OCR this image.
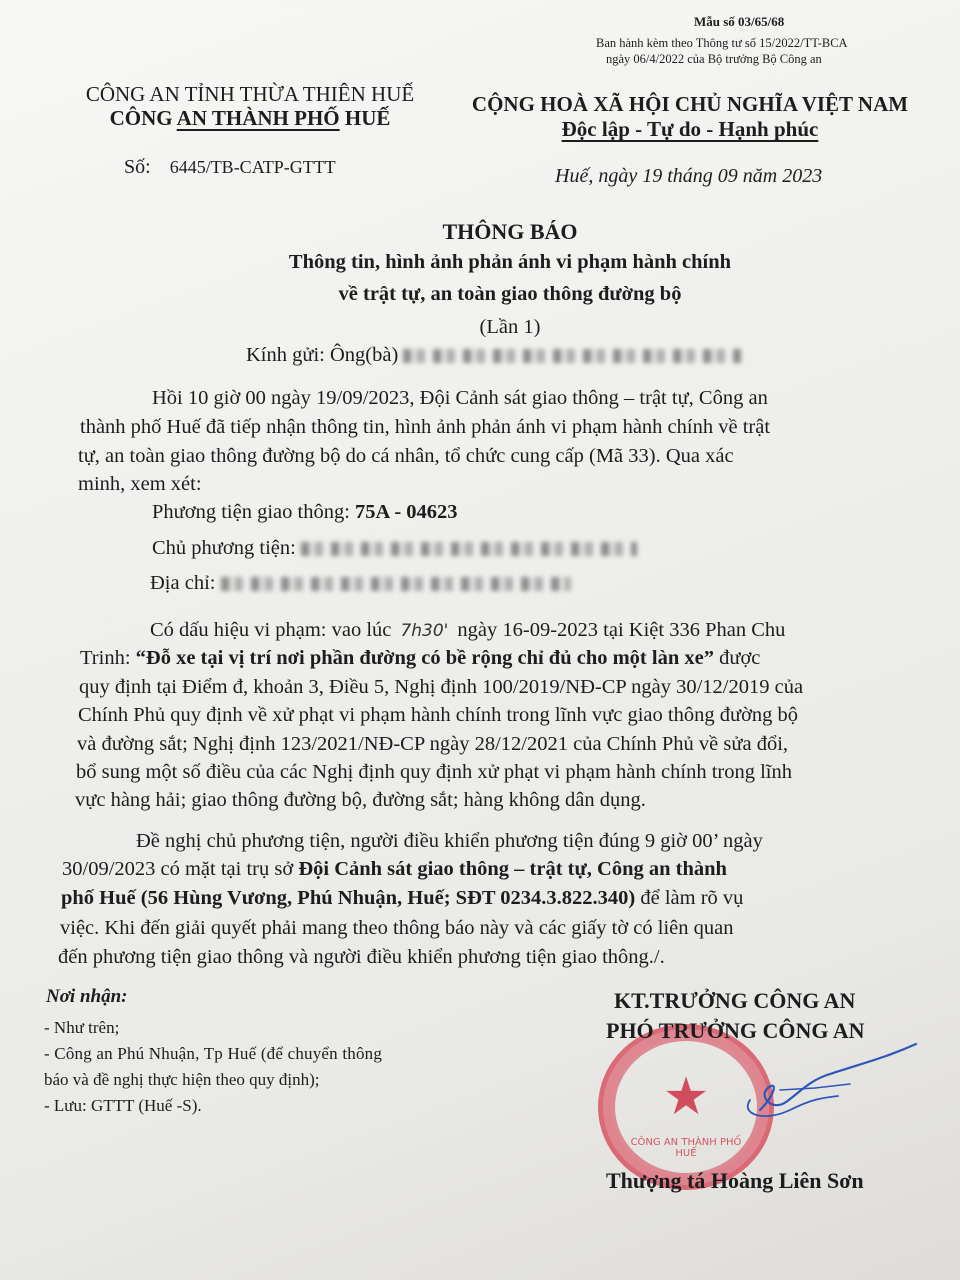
Mẫu số 03/65/68
Ban hành kèm theo Thông tư số 15/2022/TT-BCA
ngày 06/4/2022 của Bộ trưởng Bộ Công an
CÔNG AN TỈNH THỪA THIÊN HUẾ
CÔNG AN THÀNH PHỐ HUẾ
Số: 6445/TB-CATP-GTTT
CỘNG HOÀ XÃ HỘI CHỦ NGHĨA VIỆT NAM
Độc lập - Tự do - Hạnh phúc
Huế, ngày 19 tháng 09 năm 2023
THÔNG BÁO
Thông tin, hình ảnh phản ánh vi phạm hành chính
về trật tự, an toàn giao thông đường bộ
(Lần 1)
Kính gửi: Ông(bà)
Hồi 10 giờ 00 ngày 19/09/2023, Đội Cảnh sát giao thông – trật tự, Công an
thành phố Huế đã tiếp nhận thông tin, hình ảnh phản ánh vi phạm hành chính về trật
tự, an toàn giao thông đường bộ do cá nhân, tổ chức cung cấp (Mã 33). Qua xác
minh, xem xét:
Phương tiện giao thông: 75A - 04623
Chủ phương tiện:
Địa chỉ:
Có dấu hiệu vi phạm: vao lúc 7h30' ngày 16-09-2023 tại Kiệt 336 Phan Chu
Trinh: “Đỗ xe tại vị trí nơi phần đường có bề rộng chỉ đủ cho một làn xe” được
quy định tại Điểm đ, khoản 3, Điều 5, Nghị định 100/2019/NĐ-CP ngày 30/12/2019 của
Chính Phủ quy định về xử phạt vi phạm hành chính trong lĩnh vực giao thông đường bộ
và đường sắt; Nghị định 123/2021/NĐ-CP ngày 28/12/2021 của Chính Phủ về sửa đổi,
bổ sung một số điều của các Nghị định quy định xử phạt vi phạm hành chính trong lĩnh
vực hàng hải; giao thông đường bộ, đường sắt; hàng không dân dụng.
Đề nghị chủ phương tiện, người điều khiển phương tiện đúng 9 giờ 00’ ngày
30/09/2023 có mặt tại trụ sở Đội Cảnh sát giao thông – trật tự, Công an thành
phố Huế (56 Hùng Vương, Phú Nhuận, Huế; SĐT 0234.3.822.340) để làm rõ vụ
việc. Khi đến giải quyết phải mang theo thông báo này và các giấy tờ có liên quan
đến phương tiện giao thông và người điều khiển phương tiện giao thông./.
Nơi nhận:
- Như trên;
- Công an Phú Nhuận, Tp Huế (để chuyển thông
báo và đề nghị thực hiện theo quy định);
- Lưu: GTTT (Huế -S).	★
CÔNG AN THÀNH PHỐ HUẾ
KT.TRƯỞNG CÔNG AN
PHÓ TRƯỞNG CÔNG AN
Thượng tá Hoàng Liên Sơn
